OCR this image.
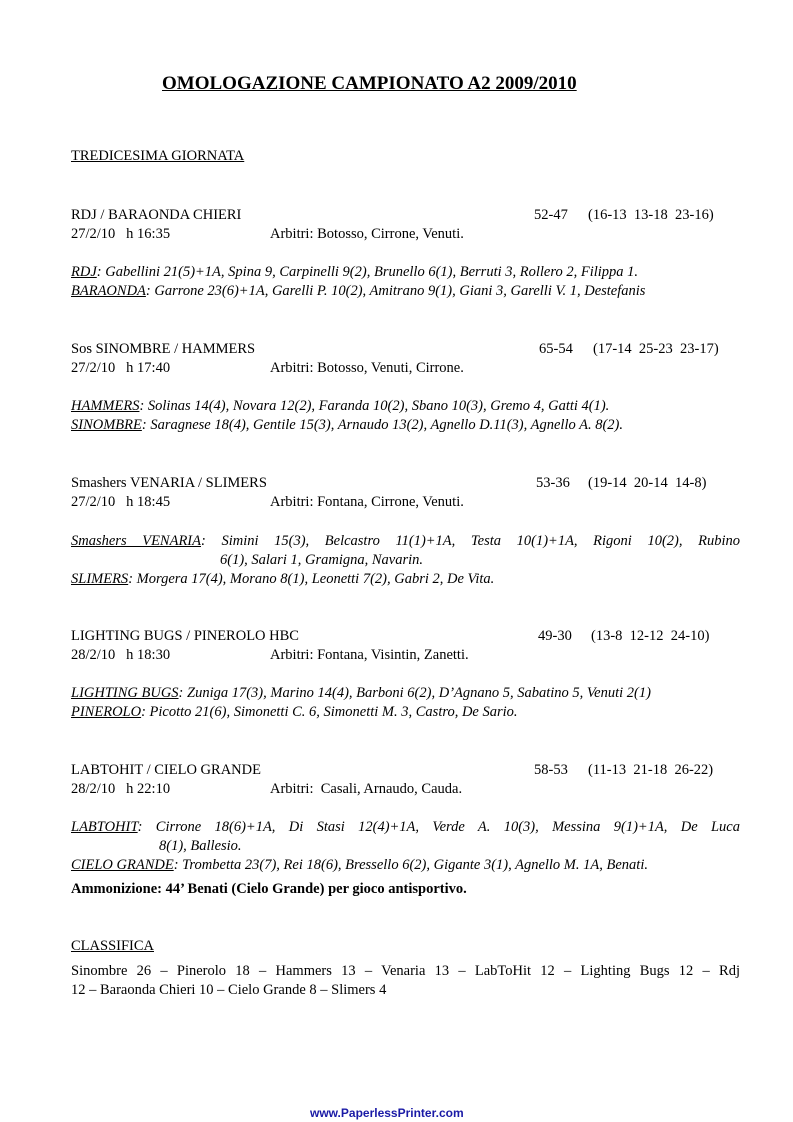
OMOLOGAZIONE CAMPIONATO A2 2009/2010
TREDICESIMA GIORNATA
RDJ / BARAONDA CHIERI	52-47 (16-13  13-18  23-16)
27/2/10   h 16:35	Arbitri: Botosso, Cirrone, Venuti.
RDJ: Gabellini 21(5)+1A, Spina 9, Carpinelli 9(2), Brunello 6(1), Berruti 3, Rollero 2, Filippa 1.
BARAONDA: Garrone 23(6)+1A, Garelli P. 10(2), Amitrano 9(1), Giani 3, Garelli V. 1, Destefanis
Sos SINOMBRE / HAMMERS	65-54 (17-14  25-23  23-17)
27/2/10   h 17:40	Arbitri: Botosso, Venuti, Cirrone.
HAMMERS: Solinas 14(4), Novara 12(2), Faranda 10(2), Sbano 10(3), Gremo 4, Gatti 4(1).
SINOMBRE: Saragnese 18(4), Gentile 15(3), Arnaudo 13(2), Agnello D.11(3), Agnello A. 8(2).
Smashers VENARIA / SLIMERS	53-36 (19-14  20-14  14-8)
27/2/10   h 18:45	Arbitri: Fontana, Cirrone, Venuti.
Smashers VENARIA: Simini 15(3), Belcastro 11(1)+1A, Testa 10(1)+1A, Rigoni 10(2), Rubino
6(1), Salari 1, Gramigna, Navarin.
SLIMERS: Morgera 17(4), Morano 8(1), Leonetti 7(2), Gabri 2, De Vita.
LIGHTING BUGS / PINEROLO HBC	49-30 (13-8  12-12  24-10)
28/2/10   h 18:30	Arbitri: Fontana, Visintin, Zanetti.
LIGHTING BUGS: Zuniga 17(3), Marino 14(4), Barboni 6(2), D’Agnano 5, Sabatino 5, Venuti 2(1)
PINEROLO: Picotto 21(6), Simonetti C. 6, Simonetti M. 3, Castro, De Sario.
LABTOHIT / CIELO GRANDE	58-53 (11-13  21-18  26-22)
28/2/10   h 22:10	Arbitri:  Casali, Arnaudo, Cauda.
LABTOHIT: Cirrone 18(6)+1A, Di Stasi 12(4)+1A, Verde A. 10(3), Messina 9(1)+1A, De Luca
8(1), Ballesio.
CIELO GRANDE: Trombetta 23(7), Rei 18(6), Bressello 6(2), Gigante 3(1), Agnello M. 1A, Benati.
Ammonizione: 44’ Benati (Cielo Grande) per gioco antisportivo.
CLASSIFICA
Sinombre 26 – Pinerolo 18 – Hammers 13 – Venaria 13 – LabToHit 12 – Lighting Bugs 12 – Rdj
12 – Baraonda Chieri 10 – Cielo Grande 8 – Slimers 4
www.PaperlessPrinter.com
